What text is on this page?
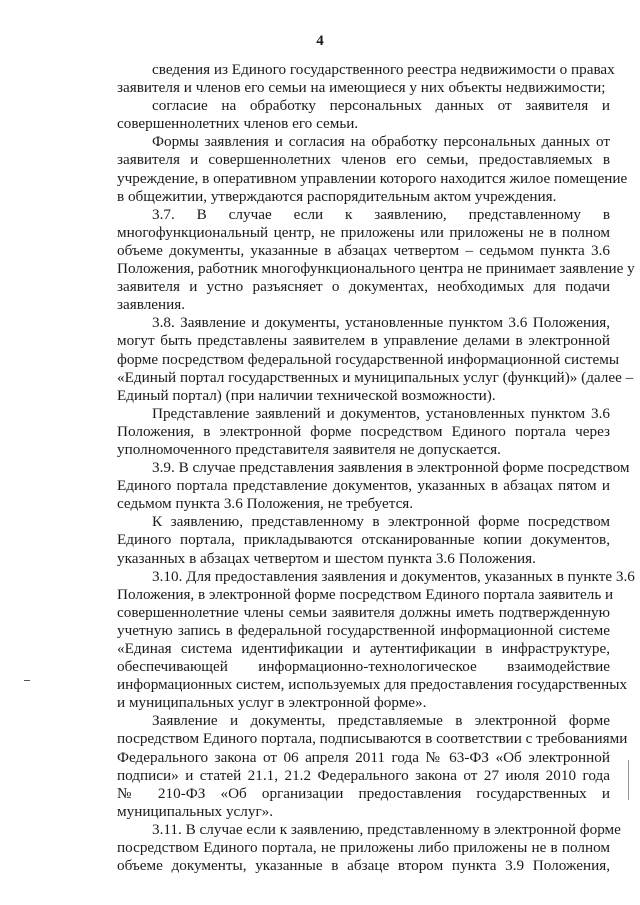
4
сведения из Единого государственного реестра недвижимости о правах
заявителя и членов его семьи на имеющиеся у них объекты недвижимости;
согласие на обработку персональных данных от заявителя и
совершеннолетних членов его семьи.
Формы заявления и согласия на обработку персональных данных от
заявителя и совершеннолетних членов его семьи, предоставляемых в
учреждение, в оперативном управлении которого находится жилое помещение
в общежитии, утверждаются распорядительным актом учреждения.
3.7. В случае если к заявлению, представленному в
многофункциональный центр, не приложены или приложены не в полном
объеме документы, указанные в абзацах четвертом – седьмом пункта 3.6
Положения, работник многофункционального центра не принимает заявление у
заявителя и устно разъясняет о документах, необходимых для подачи
заявления.
3.8. Заявление и документы, установленные пунктом 3.6 Положения,
могут быть представлены заявителем в управление делами в электронной
форме посредством федеральной государственной информационной системы
«Единый портал государственных и муниципальных услуг (функций)» (далее –
Единый портал) (при наличии технической возможности).
Представление заявлений и документов, установленных пунктом 3.6
Положения, в электронной форме посредством Единого портала через
уполномоченного представителя заявителя не допускается.
3.9. В случае представления заявления в электронной форме посредством
Единого портала представление документов, указанных в абзацах пятом и
седьмом пункта 3.6 Положения, не требуется.
К заявлению, представленному в электронной форме посредством
Единого портала, прикладываются отсканированные копии документов,
указанных в абзацах четвертом и шестом пункта 3.6 Положения.
3.10. Для предоставления заявления и документов, указанных в пункте 3.6
Положения, в электронной форме посредством Единого портала заявитель и
совершеннолетние члены семьи заявителя должны иметь подтвержденную
учетную запись в федеральной государственной информационной системе
«Единая система идентификации и аутентификации в инфраструктуре,
обеспечивающей информационно-технологическое взаимодействие
информационных систем, используемых для предоставления государственных
и муниципальных услуг в электронной форме».
Заявление и документы, представляемые в электронной форме
посредством Единого портала, подписываются в соответствии с требованиями
Федерального закона от 06 апреля 2011 года № 63-ФЗ «Об электронной
подписи» и статей 21.1, 21.2 Федерального закона от 27 июля 2010 года
№ 210-ФЗ «Об организации предоставления государственных и
муниципальных услуг».
3.11. В случае если к заявлению, представленному в электронной форме
посредством Единого портала, не приложены либо приложены не в полном
объеме документы, указанные в абзаце втором пункта 3.9 Положения,
